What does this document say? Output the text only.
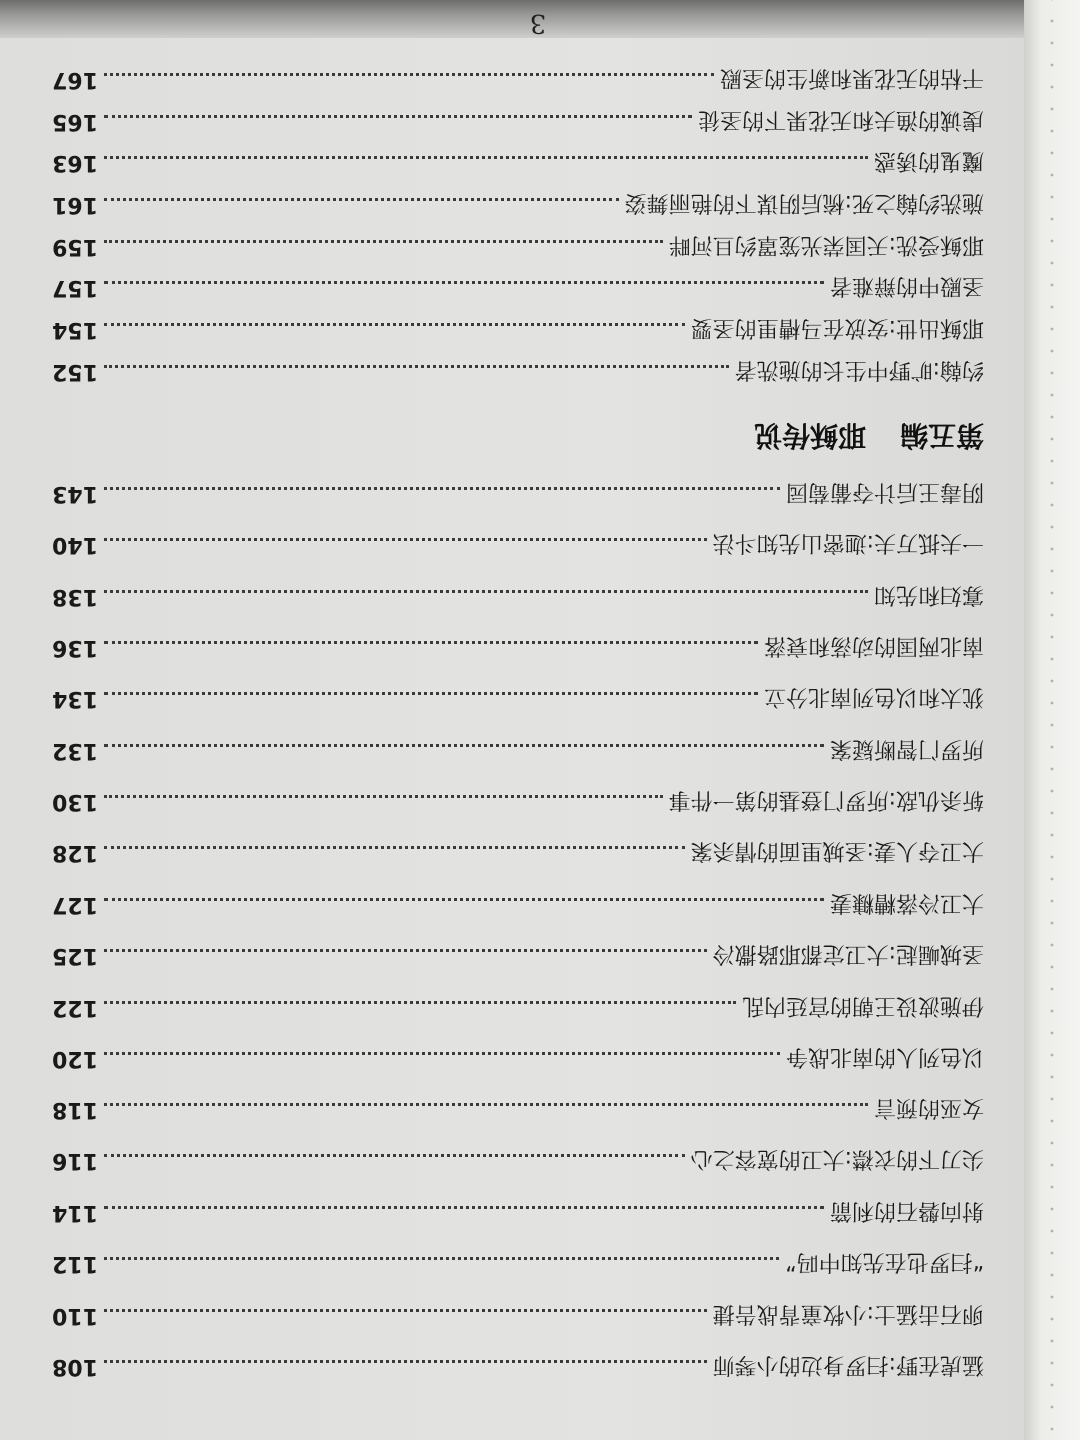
3
猛虎在野:扫罗身边的小琴师
108
卵石击猛士:小牧童背战告捷
110
“扫罗也在先知中吗”
112
射向磐石的利箭
114
尖刀下的衣襟:大卫的宽容之心
116
女巫的预言
118
以色列人的南北战争
120
伊施波设王朝的宫廷内乱
122
圣城崛起:大卫定都耶路撒冷
125
大卫冷落糟糠妻
127
大卫夺人妻:圣城里面的情杀案
128
斩杀仇敌:所罗门登基的第一件事
130
所罗门智断疑案
132
犹太和以色列南北分立
134
南北两国的动荡和衰落
136
寡妇和先知
138
一夫抵万夫:迦密山先知斗法
140
阴毒王后计夺葡萄园
143
第五编耶稣传说
约翰:旷野中生长的施洗者
152
耶稣出世:安放在马槽里的圣婴
154
圣殿中的辩难者
157
耶稣受洗:天国荣光笼罩约旦河畔
159
施洗约翰之死:梳后阴谋下的艳丽舞姿
161
魔鬼的诱惑
163
虔诚的渔夫和无花果下的圣徒
165
干枯的无花果和新生的圣殿
167
